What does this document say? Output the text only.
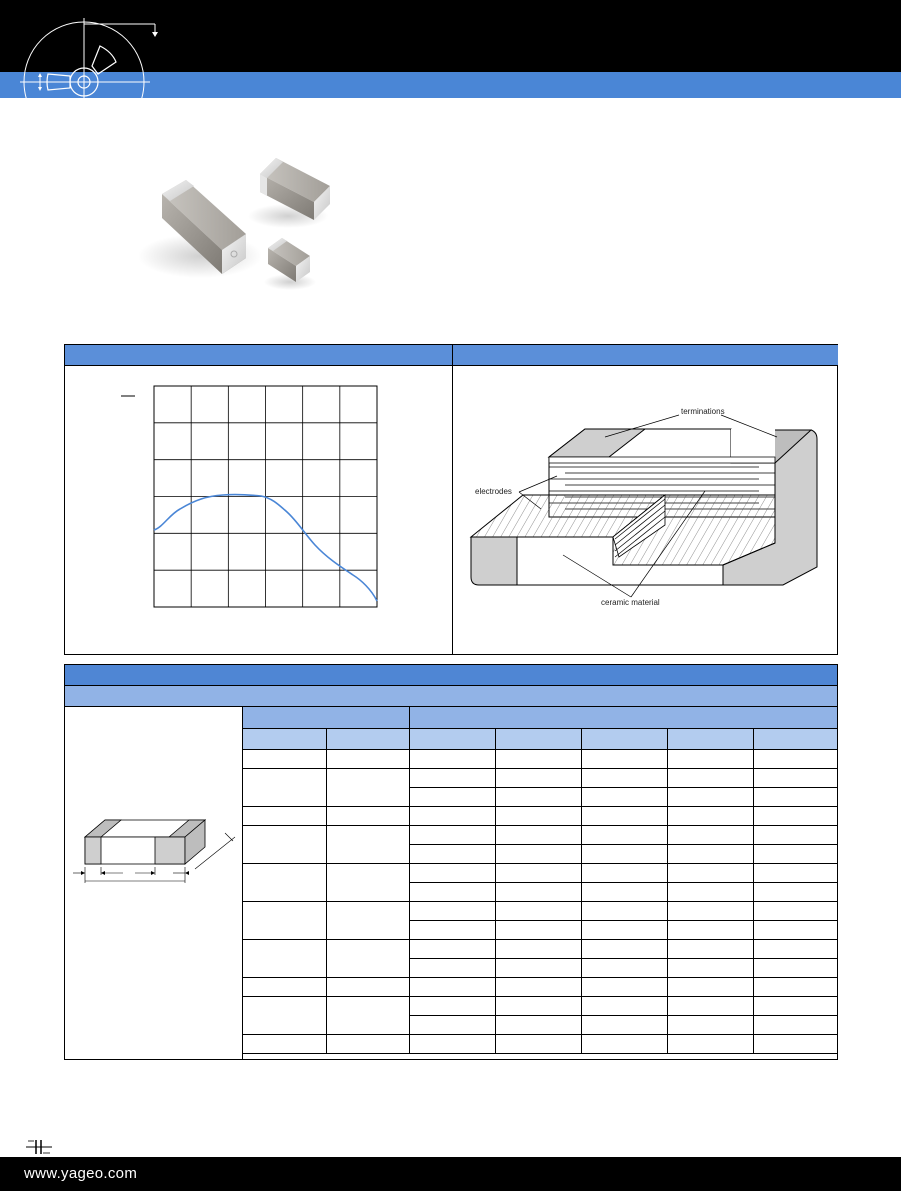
terminations
electrodes
ceramic material

www.yageo.com
